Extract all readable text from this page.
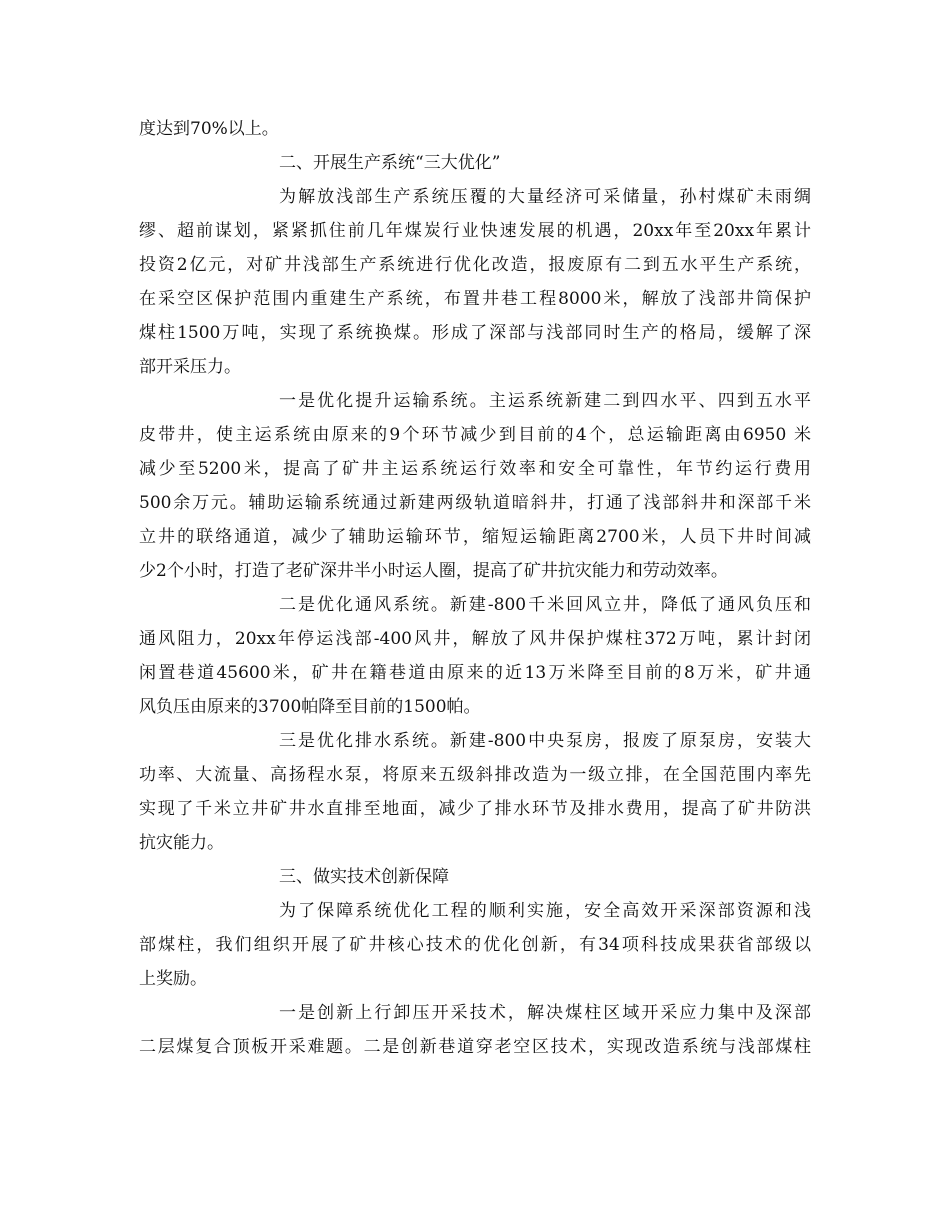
度达到70%以上。
二、开展生产系统“三大优化”
为解放浅部生产系统压覆的大量经济可采储量，孙村煤矿未雨绸
缪、超前谋划，紧紧抓住前几年煤炭行业快速发展的机遇，20xx年至20xx年累计
投资2亿元，对矿井浅部生产系统进行优化改造，报废原有二到五水平生产系统，
在采空区保护范围内重建生产系统，布置井巷工程8000米，解放了浅部井筒保护
煤柱1500万吨，实现了系统换煤。形成了深部与浅部同时生产的格局，缓解了深
部开采压力。
一是优化提升运输系统。主运系统新建二到四水平、四到五水平
皮带井，使主运系统由原来的9个环节减少到目前的4个，总运输距离由6950 米
减少至5200米，提高了矿井主运系统运行效率和安全可靠性，年节约运行费用
500余万元。辅助运输系统通过新建两级轨道暗斜井，打通了浅部斜井和深部千米
立井的联络通道，减少了辅助运输环节，缩短运输距离2700米，人员下井时间减
少2个小时，打造了老矿深井半小时运人圈，提高了矿井抗灾能力和劳动效率。
二是优化通风系统。新建-800千米回风立井，降低了通风负压和
通风阻力，20xx年停运浅部-400风井，解放了风井保护煤柱372万吨，累计封闭
闲置巷道45600米，矿井在籍巷道由原来的近13万米降至目前的8万米，矿井通
风负压由原来的3700帕降至目前的1500帕。
三是优化排水系统。新建-800中央泵房，报废了原泵房，安装大
功率、大流量、高扬程水泵，将原来五级斜排改造为一级立排，在全国范围内率先
实现了千米立井矿井水直排至地面，减少了排水环节及排水费用，提高了矿井防洪
抗灾能力。
三、做实技术创新保障
为了保障系统优化工程的顺利实施，安全高效开采深部资源和浅
部煤柱，我们组织开展了矿井核心技术的优化创新，有34项科技成果获省部级以
上奖励。
一是创新上行卸压开采技术，解决煤柱区域开采应力集中及深部
二层煤复合顶板开采难题。二是创新巷道穿老空区技术，实现改造系统与浅部煤柱
